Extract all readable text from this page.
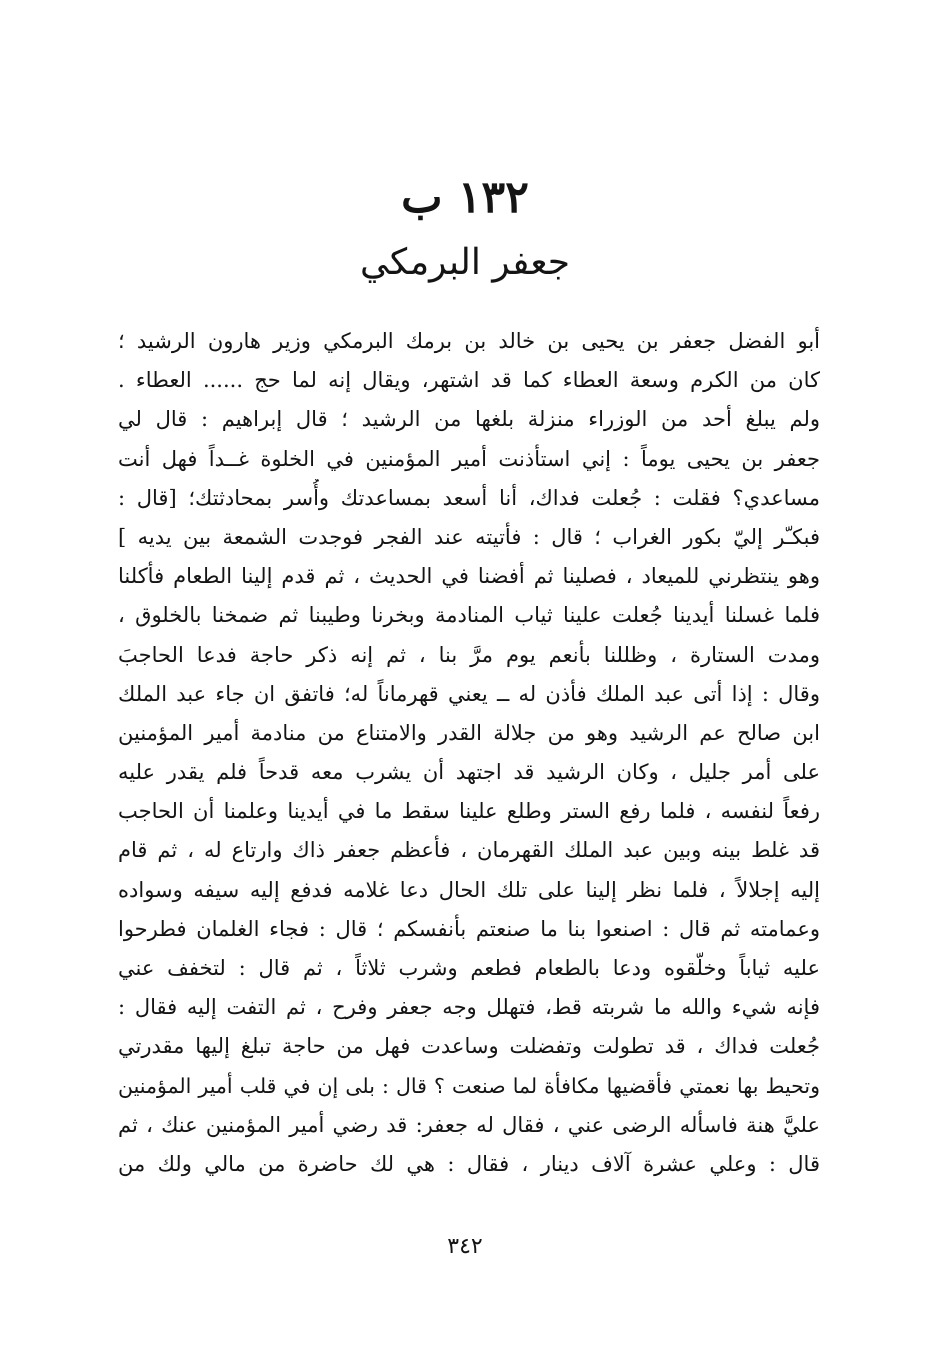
١٣٢ ب
جعفر البرمكي
أبو الفضل جعفر بن يحيى بن خالد بن برمك البرمكي وزير هارون الرشيد ؛
كان من الكرم وسعة العطاء كما قد اشتهر، ويقال إنه لما حج ...... العطاء .
ولم يبلغ أحد من الوزراء منزلة بلغها من الرشيد ؛ قال إبراهيم : قال لي
جعفر بن يحيى يوماً : إني استأذنت أمير المؤمنين في الخلوة غــداً فهل أنت
مساعدي؟ فقلت : جُعلت فداك، أنا أسعد بمساعدتك وأُسر بمحادثتك؛ [قال :
فبكـّر إليّ بكور الغراب ؛ قال : فأتيته عند الفجر فوجدت الشمعة بين يديه ]
وهو ينتظرني للميعاد ، فصلينا ثم أفضنا في الحديث ، ثم قدم إلينا الطعام فأكلنا
فلما غسلنا أيدينا جُعلت علينا ثياب المنادمة وبخرنا وطيبنا ثم ضمخنا بالخلوق ،
ومدت الستارة ، وظللنا بأنعم يوم مرَّ بنا ، ثم إنه ذكر حاجة فدعا الحاجبَ
وقال : إذا أتى عبد الملك فأذن له ــ يعني قهرماناً له؛ فاتفق ان جاء عبد الملك
ابن صالح عم الرشيد وهو من جلالة القدر والامتناع من منادمة أمير المؤمنين
على أمر جليل ، وكان الرشيد قد اجتهد أن يشرب معه قدحاً فلم يقدر عليه
رفعاً لنفسه ، فلما رفع الستر وطلع علينا سقط ما في أيدينا وعلمنا أن الحاجب
قد غلط بينه وبين عبد الملك القهرمان ، فأعظم جعفر ذاك وارتاع له ، ثم قام
إليه إجلالاً ، فلما نظر إلينا على تلك الحال دعا غلامه فدفع إليه سيفه وسواده
وعمامته ثم قال : اصنعوا بنا ما صنعتم بأنفسكم ؛ قال : فجاء الغلمان فطرحوا
عليه ثياباً وخلّقوه ودعا بالطعام فطعم وشرب ثلاثاً ، ثم قال : لتخفف عني
فإنه شيء والله ما شربته قط، فتهلل وجه جعفر وفرح ، ثم التفت إليه فقال :
جُعلت فداك ، قد تطولت وتفضلت وساعدت فهل من حاجة تبلغ إليها مقدرتي
وتحيط بها نعمتي فأقضيها مكافأة لما صنعت ؟ قال : بلى إن في قلب أمير المؤمنين
عليَّ هنة فاسأله الرضى عني ، فقال له جعفر: قد رضي أمير المؤمنين عنك ، ثم
قال : وعلي عشرة آلاف دينار ، فقال : هي لك حاضرة من مالي ولك من
٣٤٢
